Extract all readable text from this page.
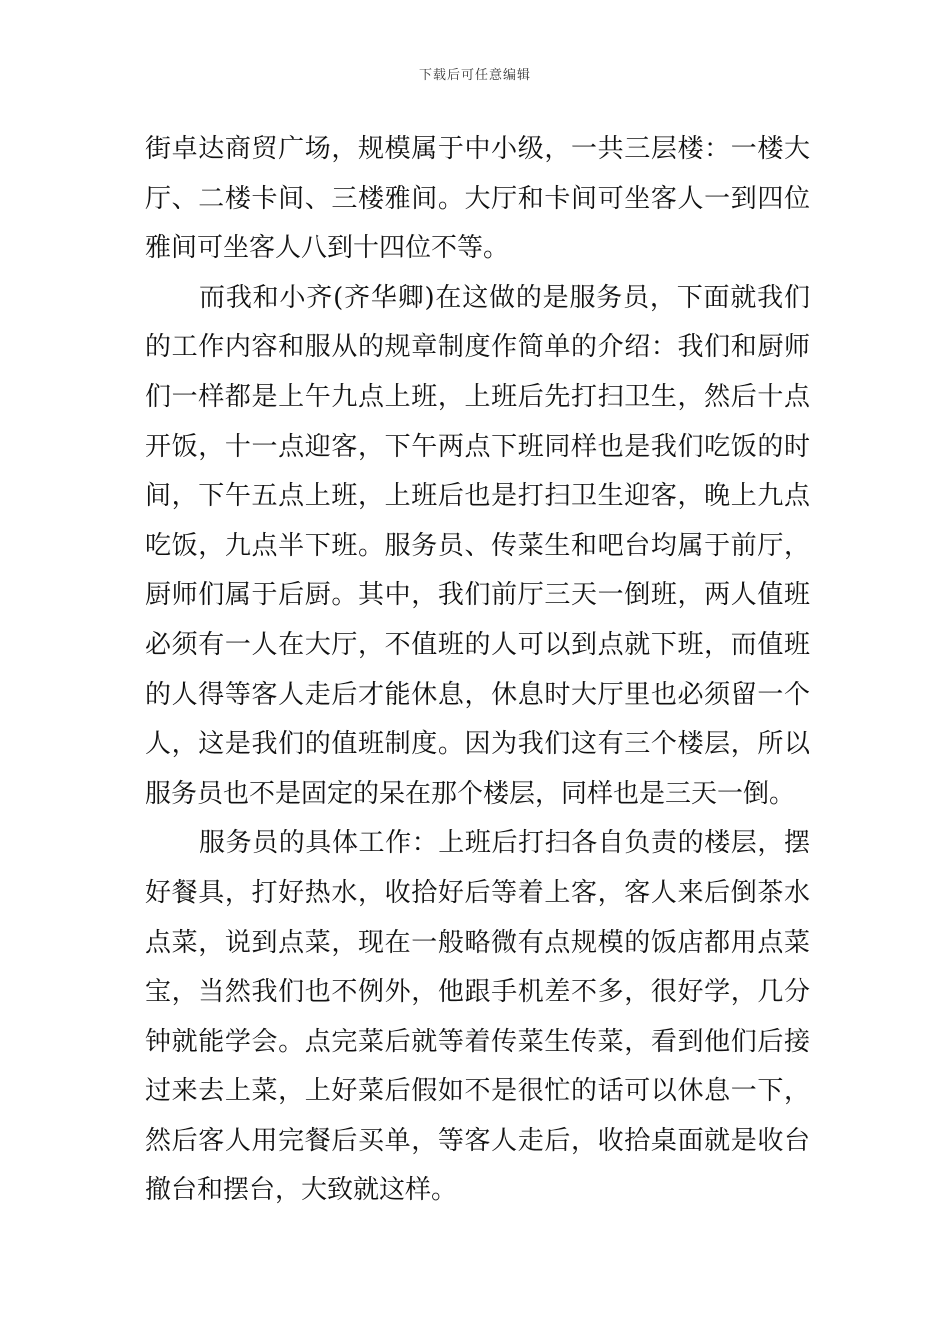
下载后可任意编辑
街卓达商贸广场，规模属于中小级，一共三层楼：一楼大
厅、二楼卡间、三楼雅间。大厅和卡间可坐客人一到四位
雅间可坐客人八到十四位不等。
而我和小齐(齐华卿)在这做的是服务员，下面就我们
的工作内容和服从的规章制度作简单的介绍：我们和厨师
们一样都是上午九点上班，上班后先打扫卫生，然后十点
开饭，十一点迎客，下午两点下班同样也是我们吃饭的时
间，下午五点上班，上班后也是打扫卫生迎客，晚上九点
吃饭，九点半下班。服务员、传菜生和吧台均属于前厅，
厨师们属于后厨。其中，我们前厅三天一倒班，两人值班
必须有一人在大厅，不值班的人可以到点就下班，而值班
的人得等客人走后才能休息，休息时大厅里也必须留一个
人，这是我们的值班制度。因为我们这有三个楼层，所以
服务员也不是固定的呆在那个楼层，同样也是三天一倒。
服务员的具体工作：上班后打扫各自负责的楼层，摆
好餐具，打好热水，收拾好后等着上客，客人来后倒茶水
点菜，说到点菜，现在一般略微有点规模的饭店都用点菜
宝，当然我们也不例外，他跟手机差不多，很好学，几分
钟就能学会。点完菜后就等着传菜生传菜，看到他们后接
过来去上菜，上好菜后假如不是很忙的话可以休息一下，
然后客人用完餐后买单，等客人走后，收拾桌面就是收台
撤台和摆台，大致就这样。
